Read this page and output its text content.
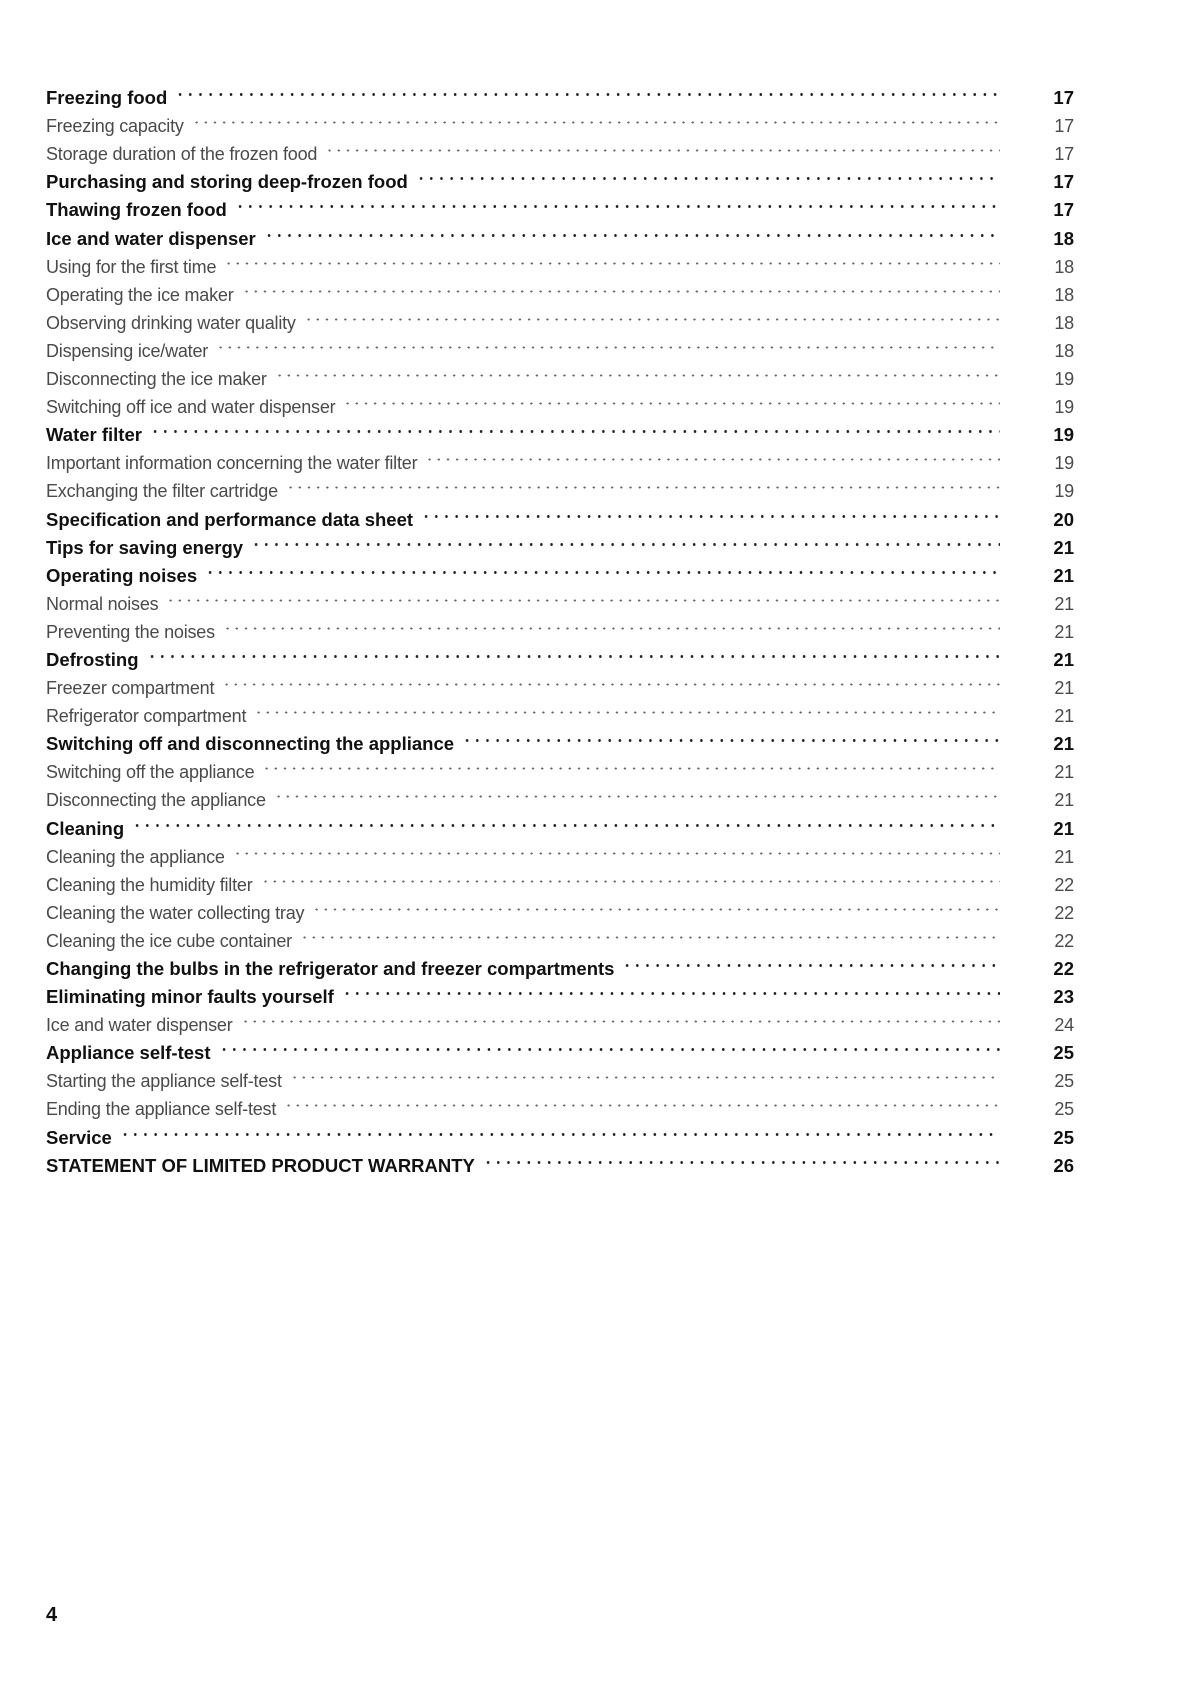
Freezing food	17
Freezing capacity	17
Storage duration of the frozen food	17
Purchasing and storing deep-frozen food	17
Thawing frozen food	17
Ice and water dispenser	18
Using for the first time	18
Operating the ice maker	18
Observing drinking water quality	18
Dispensing ice/water	18
Disconnecting the ice maker	19
Switching off ice and water dispenser	19
Water filter	19
Important information concerning the water filter	19
Exchanging the filter cartridge	19
Specification and performance data sheet	20
Tips for saving energy	21
Operating noises	21
Normal noises	21
Preventing the noises	21
Defrosting	21
Freezer compartment	21
Refrigerator compartment	21
Switching off and disconnecting the appliance	21
Switching off the appliance	21
Disconnecting the appliance	21
Cleaning	21
Cleaning the appliance	21
Cleaning the humidity filter	22
Cleaning the water collecting tray	22
Cleaning the ice cube container	22
Changing the bulbs in the refrigerator and freezer compartments	22
Eliminating minor faults yourself	23
Ice and water dispenser	24
Appliance self-test	25
Starting the appliance self-test	25
Ending the appliance self-test	25
Service	25
STATEMENT OF LIMITED PRODUCT WARRANTY	26
4
